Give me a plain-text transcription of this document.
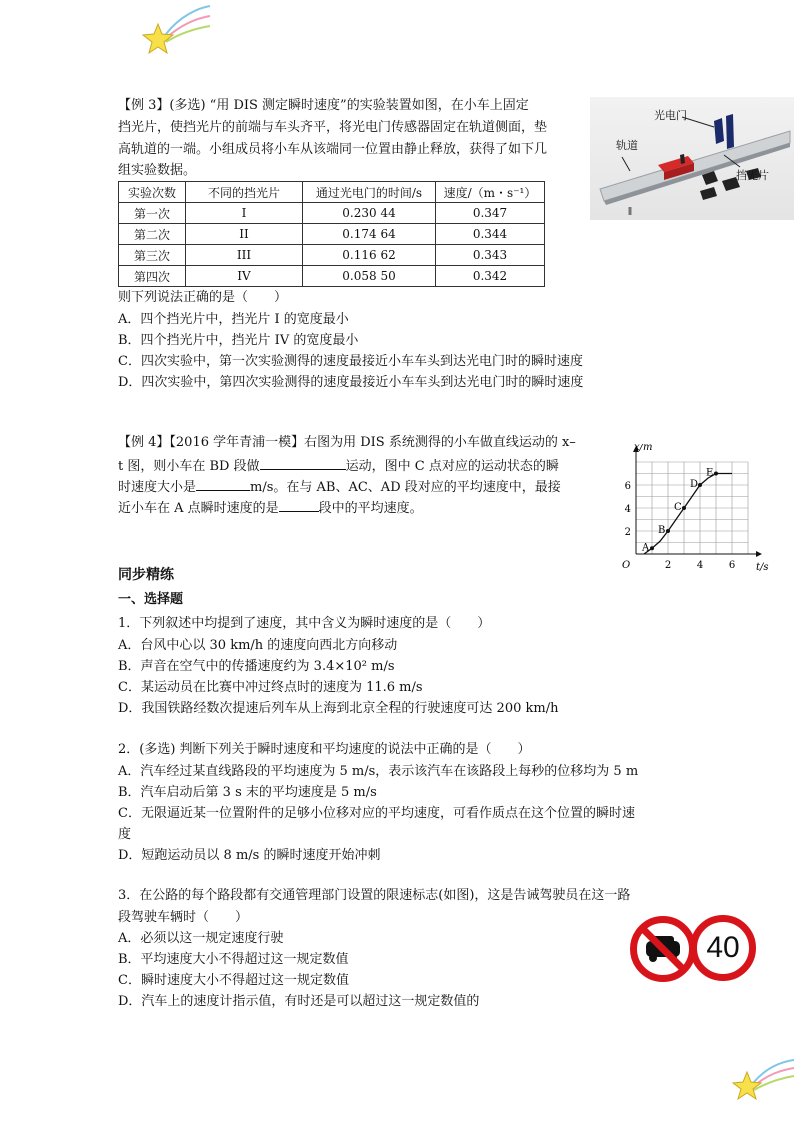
【例 3】(多选) “用 DIS 测定瞬时速度”的实验装置如图，在小车上固定
挡光片，使挡光片的前端与车头齐平，将光电门传感器固定在轨道侧面，垫
高轨道的一端。小组成员将小车从该端同一位置由静止释放，获得了如下几
组实验数据。
光电门
轨道
挡光片
实验次数	不同的挡光片	通过光电门的时间/s	速度/（m・s⁻¹）
第一次	I	0.230 44	0.347
第二次	II	0.174 64	0.344
第三次	III	0.116 62	0.343
第四次	IV	0.058 50	0.342
则下列说法正确的是（　　）
A．四个挡光片中，挡光片 I 的宽度最小
B．四个挡光片中，挡光片 IV 的宽度最小
C．四次实验中，第一次实验测得的速度最接近小车车头到达光电门时的瞬时速度
D．四次实验中，第四次实验测得的速度最接近小车车头到达光电门时的瞬时速度
【例 4】【2016 学年青浦一模】右图为用 DIS 系统测得的小车做直线运动的 x–
t 图，则小车在 BD 段做	运动，图中 C 点对应的运动状态的瞬
时速度大小是	m/s。在与 AB、AC、AD 段对应的平均速度中，最接
近小车在 A 点瞬时速度的是	段中的平均速度。
2	4	6
2
4
6
O	t/s
x/m
A
B
C
D
E
同步精练
一、选择题
1．下列叙述中均提到了速度，其中含义为瞬时速度的是（　　）
A．台风中心以 30 km/h 的速度向西北方向移动
B．声音在空气中的传播速度约为 3.4×10² m/s
C．某运动员在比赛中冲过终点时的速度为 11.6 m/s
D．我国铁路经数次提速后列车从上海到北京全程的行驶速度可达 200 km/h
2．(多选) 判断下列关于瞬时速度和平均速度的说法中正确的是（　　）
A．汽车经过某直线路段的平均速度为 5 m/s，表示该汽车在该路段上每秒的位移均为 5 m
B．汽车启动后第 3 s 末的平均速度是 5 m/s
C．无限逼近某一位置附件的足够小位移对应的平均速度，可看作质点在这个位置的瞬时速
度
D．短跑运动员以 8 m/s 的瞬时速度开始冲刺
3．在公路的每个路段都有交通管理部门设置的限速标志(如图)，这是告诫驾驶员在这一路
段驾驶车辆时（　　）
A．必须以这一规定速度行驶
B．平均速度大小不得超过这一规定数值
C．瞬时速度大小不得超过这一规定数值
D．汽车上的速度计指示值，有时还是可以超过这一规定数值的
40
